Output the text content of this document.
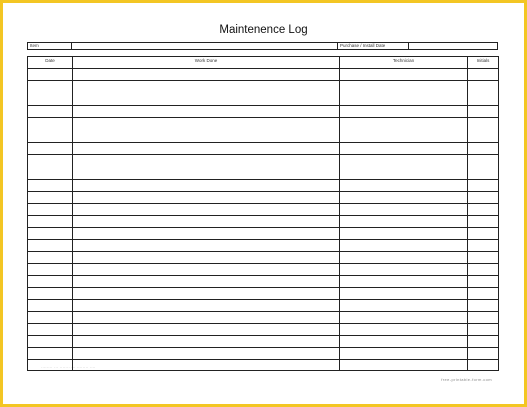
Maintenence Log
Item	Purchase / Install Date
Date	Work Done	Technician	Initials

········ ··· ······· ··· ········ ····
free-printable-form.com
